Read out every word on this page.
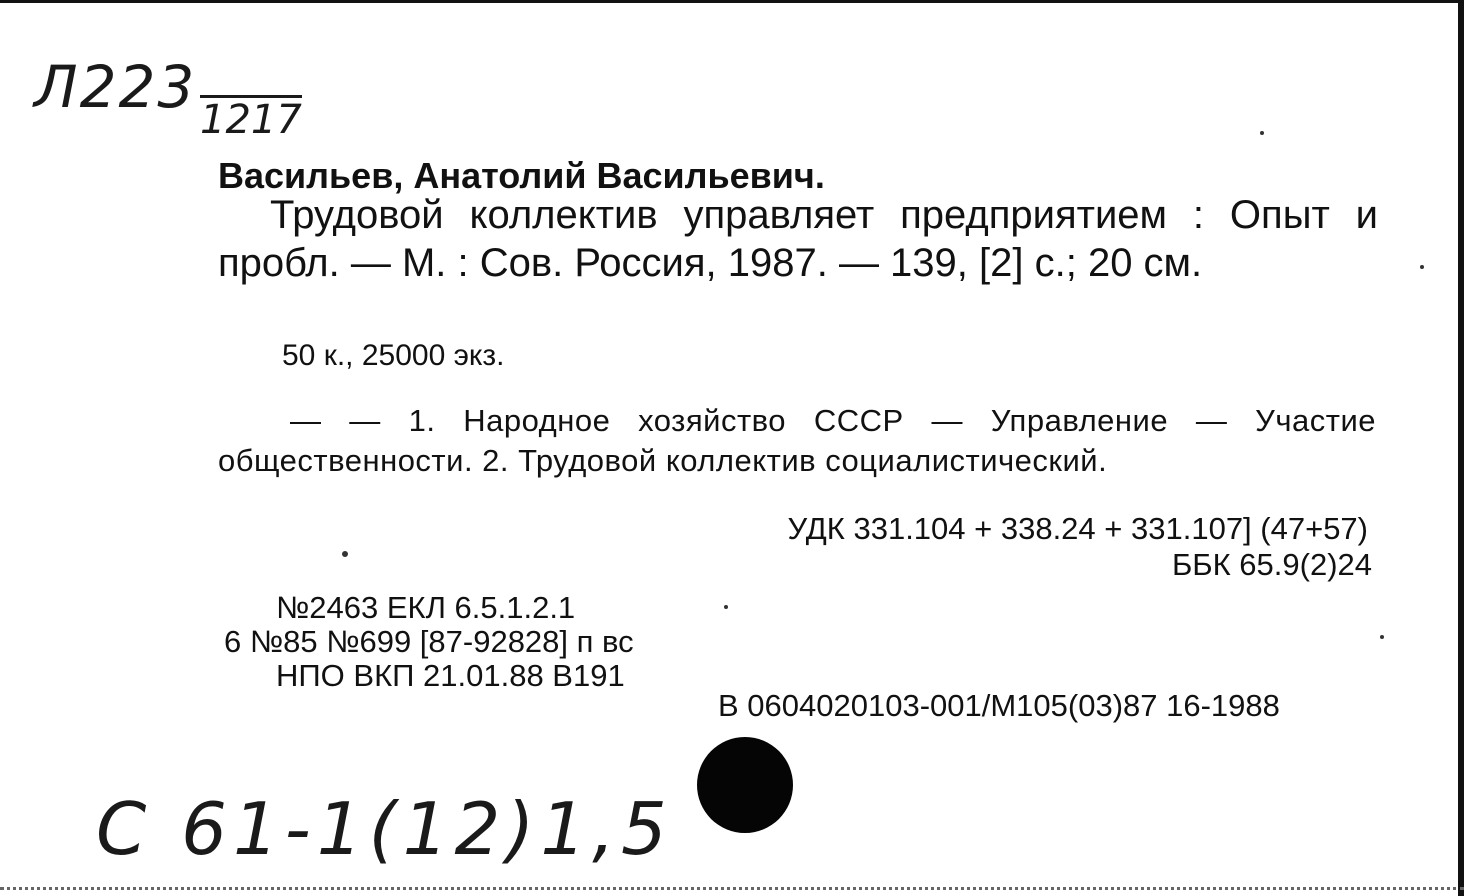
Л223 1217
Васильев, Анатолий Васильевич.
Трудовой коллектив управляет предприятием : Опыт и пробл. — М. : Сов. Россия, 1987. — 139, [2] с.; 20 см.
50 к., 25000 экз.
— — 1. Народное хозяйство СССР — Управление — Участие общественности. 2. Трудовой коллектив социалистический.
УДК 331.104 + 338.24 + 331.107] (47+57)
ББК 65.9(2)24
№2463 ЕКЛ 6.5.1.2.1
6 №85 №699 [87-92828] п вс
НПО ВКП 21.01.88 В191
В 0604020103-001/М105(03)87 16-1988
С 61-1(12)1,5
